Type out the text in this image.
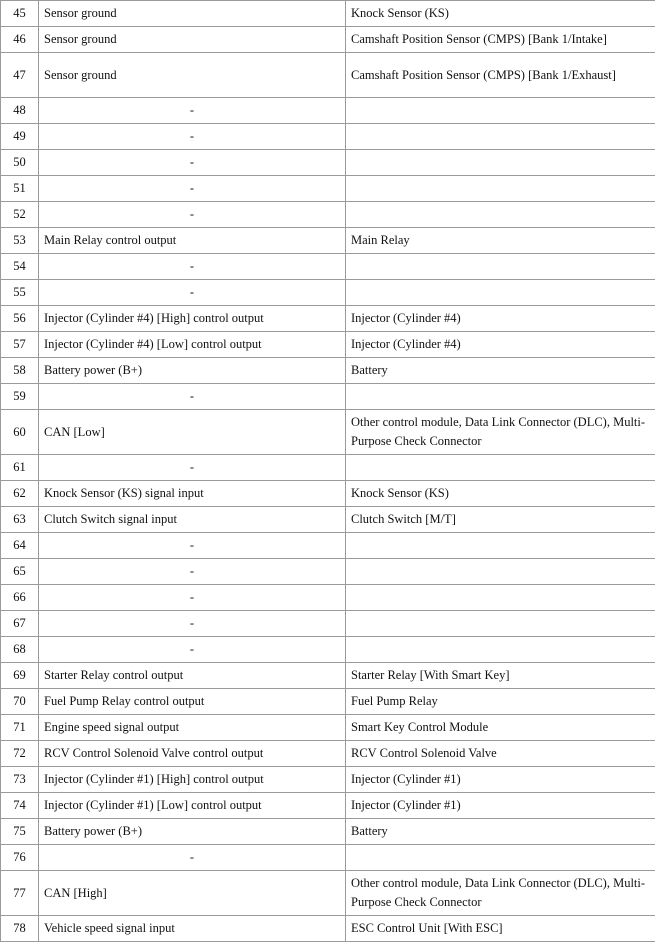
45	Sensor ground	Knock Sensor (KS)
46	Sensor ground	Camshaft Position Sensor (CMPS) [Bank 1/Intake]
47	Sensor ground	Camshaft Position Sensor (CMPS) [Bank 1/Exhaust]
48	-	
49	-	
50	-	
51	-	
52	-	
53	Main Relay control output	Main Relay
54	-	
55	-	
56	Injector (Cylinder #4) [High] control output	Injector (Cylinder #4)
57	Injector (Cylinder #4) [Low] control output	Injector (Cylinder #4)
58	Battery power (B+)	Battery
59	-	
60	CAN [Low]	Other control module, Data Link Connector (DLC), Multi-Purpose Check Connector
61	-	
62	Knock Sensor (KS) signal input	Knock Sensor (KS)
63	Clutch Switch signal input	Clutch Switch [M/T]
64	-	
65	-	
66	-	
67	-	
68	-	
69	Starter Relay control output	Starter Relay [With Smart Key]
70	Fuel Pump Relay control output	Fuel Pump Relay
71	Engine speed signal output	Smart Key Control Module
72	RCV Control Solenoid Valve control output	RCV Control Solenoid Valve
73	Injector (Cylinder #1) [High] control output	Injector (Cylinder #1)
74	Injector (Cylinder #1) [Low] control output	Injector (Cylinder #1)
75	Battery power (B+)	Battery
76	-	
77	CAN [High]	Other control module, Data Link Connector (DLC), Multi-Purpose Check Connector
78	Vehicle speed signal input	ESC Control Unit [With ESC]
